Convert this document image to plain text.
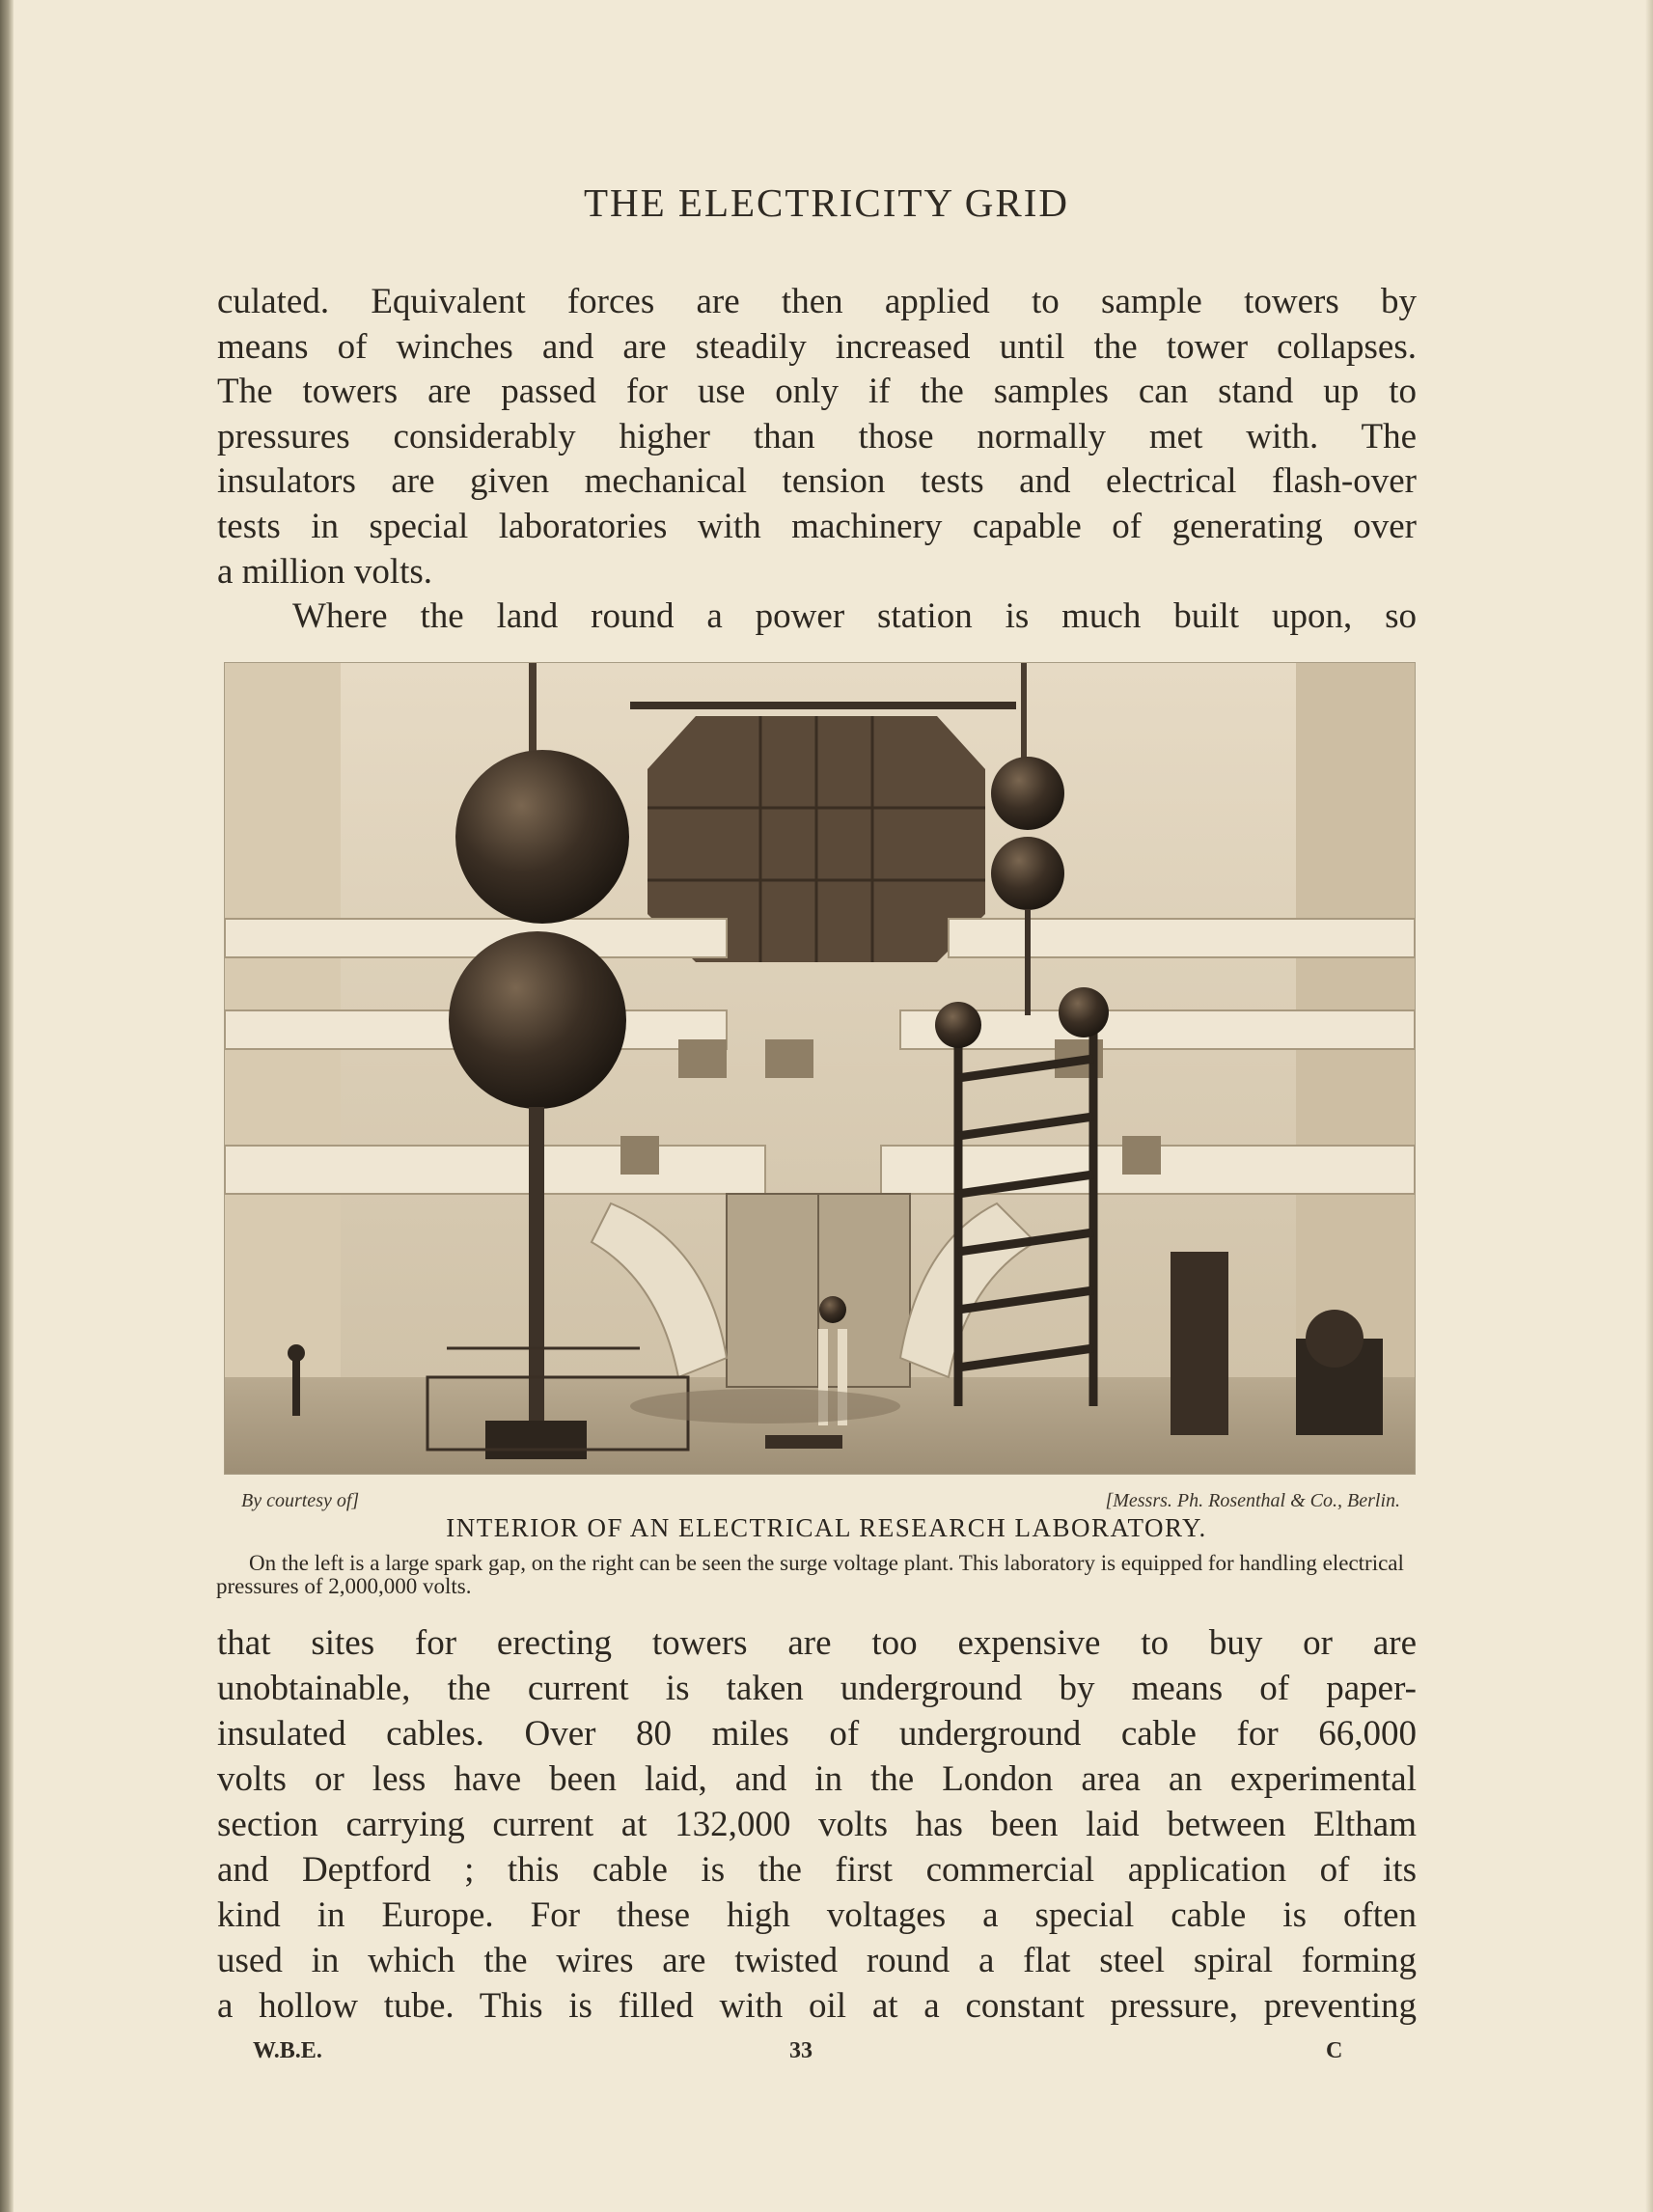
THE ELECTRICITY GRID

culated. Equivalent forces are then applied to sample towers by

means of winches and are steadily increased until the tower collapses.

The towers are passed for use only if the samples can stand up to

pressures considerably higher than those normally met with. The

insulators are given mechanical tension tests and electrical flash-over

tests in special laboratories with machinery capable of generating over

a million volts.

Where the land round a power station is much built upon, so

By courtesy of]	[Messrs. Ph. Rosenthal & Co., Berlin.
INTERIOR OF AN ELECTRICAL RESEARCH LABORATORY.

On the left is a large spark gap, on the right can be seen the surge voltage plant. This laboratory is equipped for handling electrical pressures of 2,000,000 volts.

that sites for erecting towers are too expensive to buy or are

unobtainable, the current is taken underground by means of paper-

insulated cables. Over 80 miles of underground cable for 66,000

volts or less have been laid, and in the London area an experimental

section carrying current at 132,000 volts has been laid between Eltham

and Deptford ; this cable is the first commercial application of its

kind in Europe. For these high voltages a special cable is often

used in which the wires are twisted round a flat steel spiral forming

a hollow tube. This is filled with oil at a constant pressure, preventing

W.B.E.	33	C
